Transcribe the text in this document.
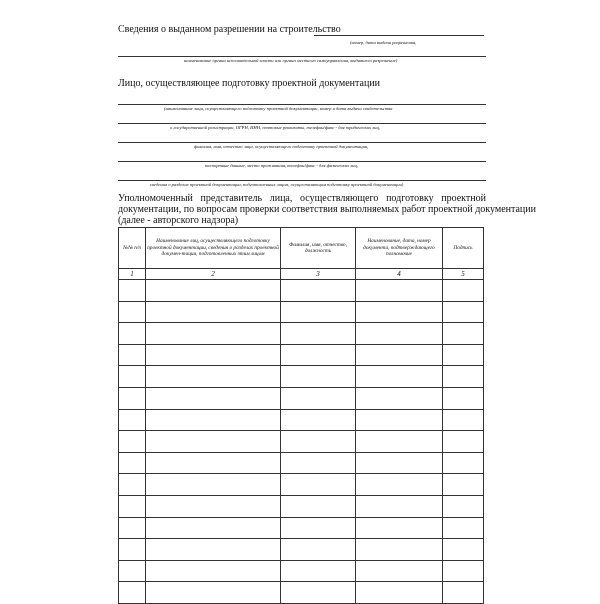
Сведения о выданном разрешении на строительство
(номер, дата выдачи разрешения,
наименование органа исполнительной власти или органа местного самоуправления, выдавшего разрешение)
Лицо, осуществляющее подготовку проектной документации
(наименование лица, осуществляющего подготовку проектной документации, номер и дата выдачи свидетельства
о государственной регистрации, ОГРН, ИНН, почтовые реквизиты, телефон/факс - для юридических лиц,
фамилия, имя, отчество лица, осуществляющего подготовку проектной документации,
паспортные данные, место проживания, телефон/факс - для физических лиц,
сведения о разделах проектной документации, подготовленных лицом, осуществляющим подготовку проектной документации)
Уполномоченный представитель лица, осуществляющего подготовку проектной
документации, по вопросам проверки соответствия выполняемых работ проектной документации
(далее - авторского надзора)
№№ п/п	Наименование лиц, осуществляющего подготовку проектной документации, сведения о разделах проектной докумен-тации, подготовленных этим лицом	Фамилия, имя, отчество, должность	Наименование, дата, номер документа, подтверждающего полномочие	Подпись
1	2	3	4	5
